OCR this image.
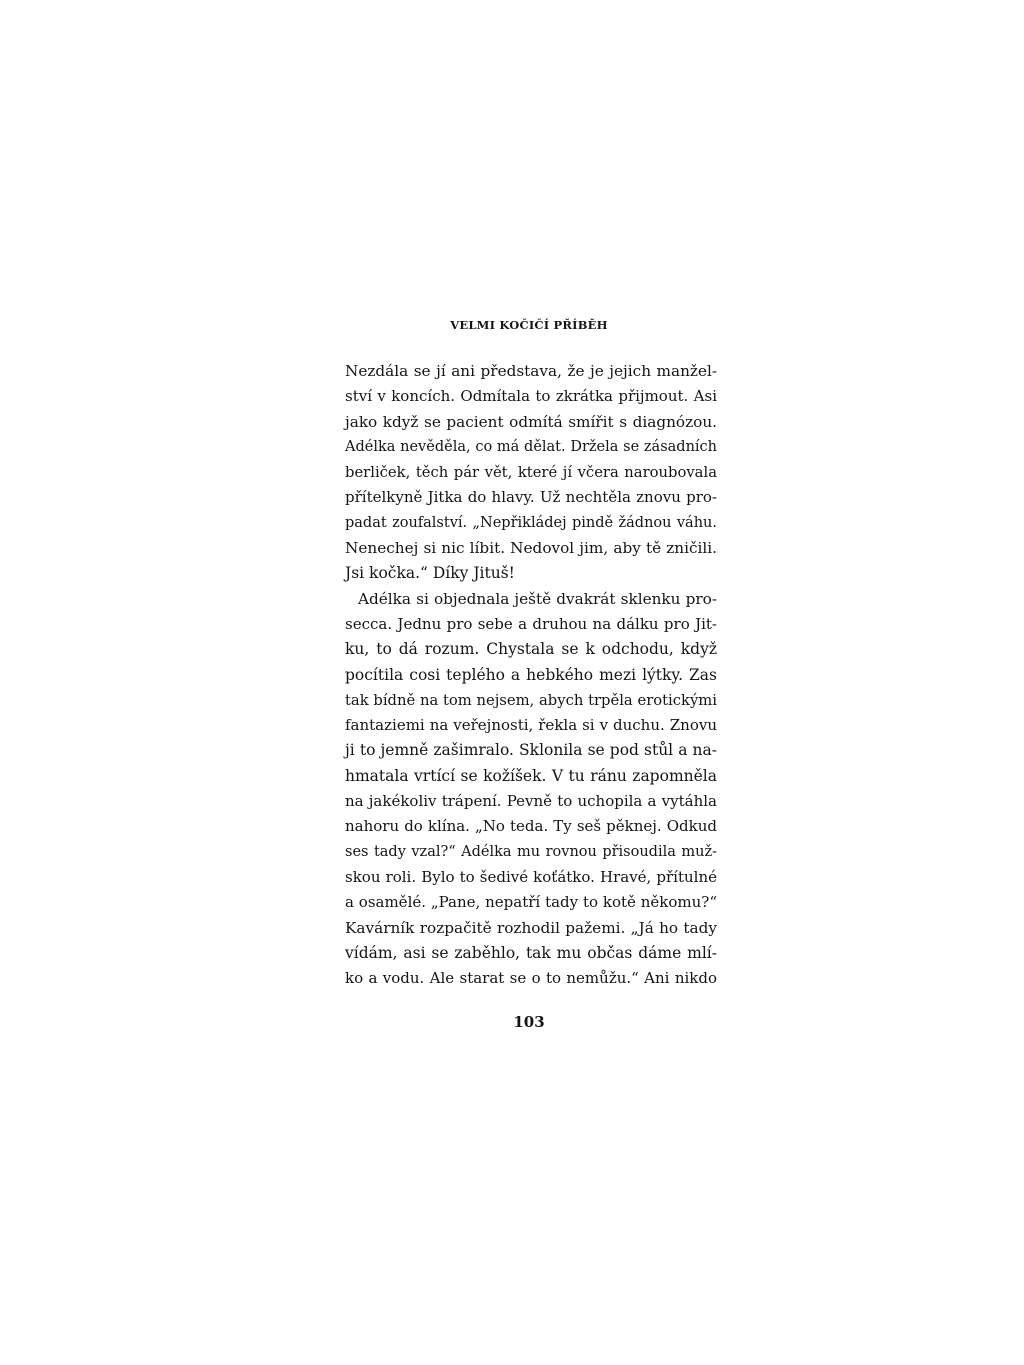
VELMI KOČIČÍ PŘÍBĚH
Nezdála se jí ani představa, že je jejich manžel-
ství v koncích. Odmítala to zkrátka přijmout. Asi
jako když se pacient odmítá smířit s diagnózou.
Adélka nevěděla, co má dělat. Držela se zásadních
berliček, těch pár vět, které jí včera naroubovala
přítelkyně Jitka do hlavy. Už nechtěla znovu pro-
padat zoufalství. „Nepřikládej pindě žádnou váhu.
Nenechej si nic líbit. Nedovol jim, aby tě zničili.
Jsi kočka.“ Díky Jituš!
Adélka si objednala ještě dvakrát sklenku pro-
secca. Jednu pro sebe a druhou na dálku pro Jit-
ku, to dá rozum. Chystala se k odchodu, když
pocítila cosi teplého a hebkého mezi lýtky. Zas
tak bídně na tom nejsem, abych trpěla erotickými
fantaziemi na veřejnosti, řekla si v duchu. Znovu
ji to jemně zašimralo. Sklonila se pod stůl a na-
hmatala vrtící se kožíšek. V tu ránu zapomněla
na jakékoliv trápení. Pevně to uchopila a vytáhla
nahoru do klína. „No teda. Ty seš pěknej. Odkud
ses tady vzal?“ Adélka mu rovnou přisoudila muž-
skou roli. Bylo to šedivé koťátko. Hravé, přítulné
a osamělé. „Pane, nepatří tady to kotě někomu?“
Kavárník rozpačitě rozhodil pažemi. „Já ho tady
vídám, asi se zaběhlo, tak mu občas dáme mlí-
ko a vodu. Ale starat se o to nemůžu.“ Ani nikdo
103
